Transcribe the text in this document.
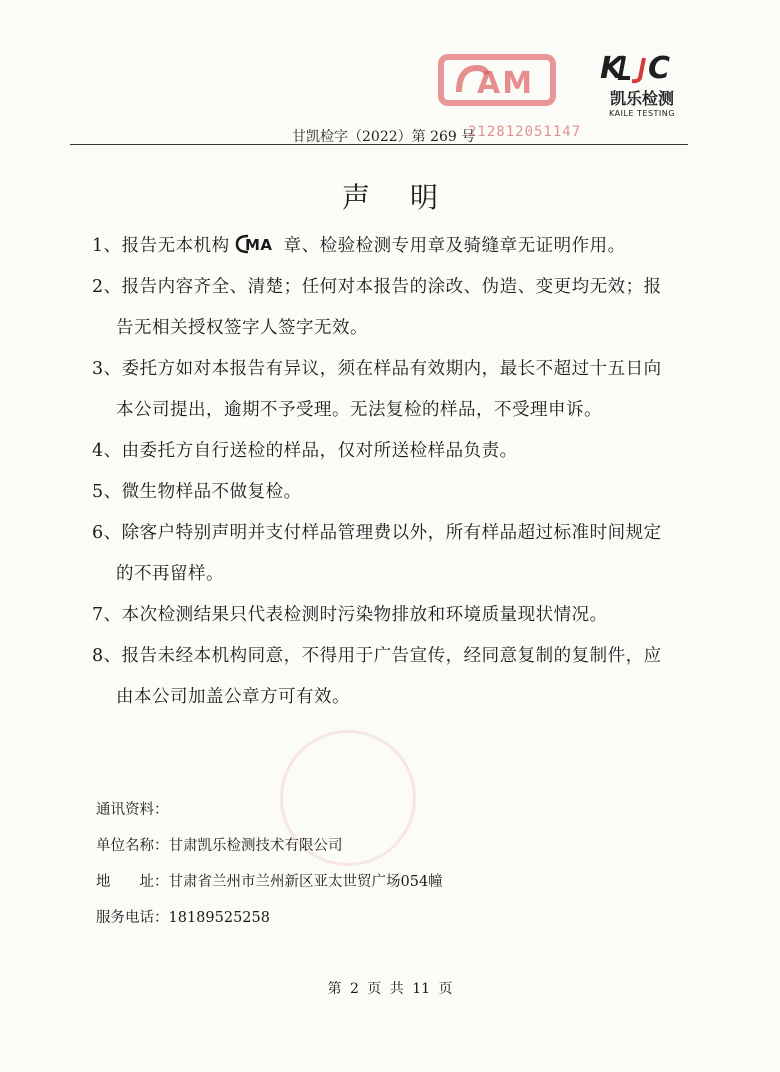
AM
212812051147
K C
凯乐检测
KAILE TESTING
甘凯检字（2022）第 269 号
声明
1、报告无本机构 MA 章、检验检测专用章及骑缝章无证明作用。
2、报告内容齐全、清楚；任何对本报告的涂改、伪造、变更均无效；报
告无相关授权签字人签字无效。
3、委托方如对本报告有异议，须在样品有效期内，最长不超过十五日向
本公司提出，逾期不予受理。无法复检的样品，不受理申诉。
4、由委托方自行送检的样品，仅对所送检样品负责。
5、微生物样品不做复检。
6、除客户特别声明并支付样品管理费以外，所有样品超过标准时间规定
的不再留样。
7、本次检测结果只代表检测时污染物排放和环境质量现状情况。
8、报告未经本机构同意，不得用于广告宣传，经同意复制的复制件，应
由本公司加盖公章方可有效。
通讯资料：
单位名称：甘肃凯乐检测技术有限公司
地　　址：甘肃省兰州市兰州新区亚太世贸广场054幢
服务电话：18189525258
第 2 页 共 11 页
